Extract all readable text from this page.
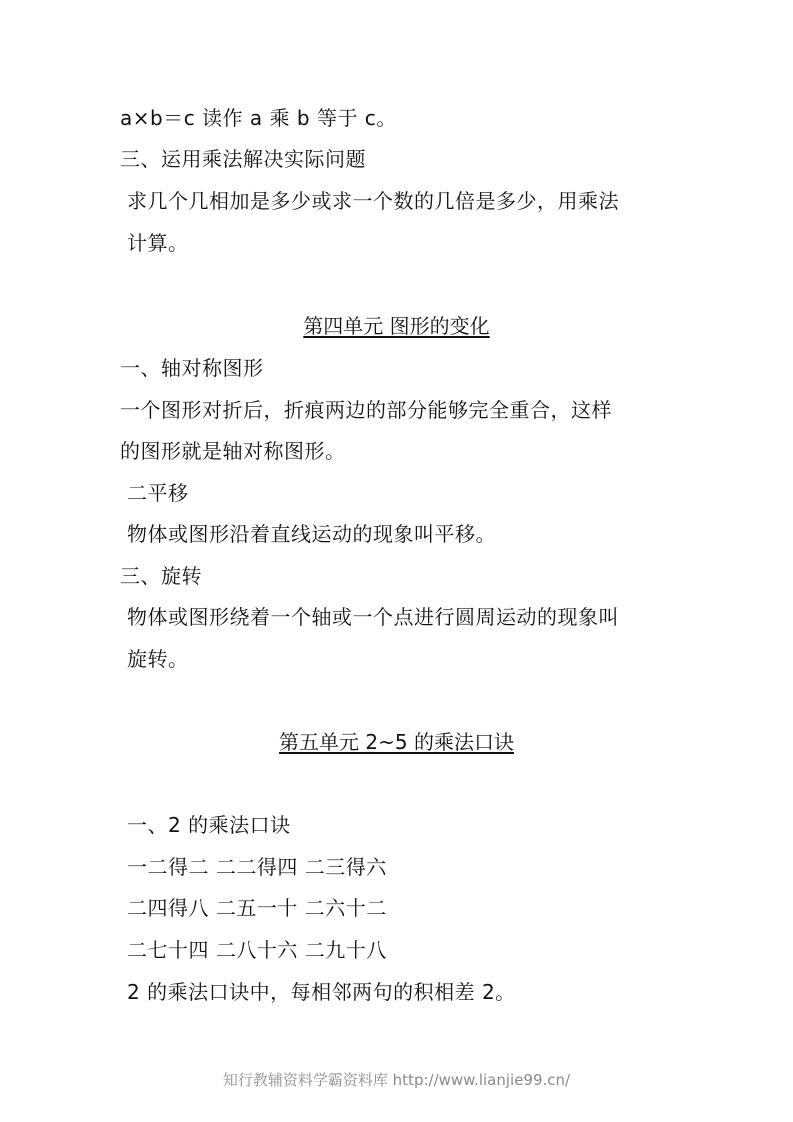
a×b＝c 读作 a 乘 b 等于 c。
三、运用乘法解决实际问题
求几个几相加是多少或求一个数的几倍是多少，用乘法
计算。
第四单元 图形的变化
一、轴对称图形
一个图形对折后，折痕两边的部分能够完全重合，这样
的图形就是轴对称图形。
二平移
物体或图形沿着直线运动的现象叫平移。
三、旋转
物体或图形绕着一个轴或一个点进行圆周运动的现象叫
旋转。
第五单元 2~5 的乘法口诀
一、2 的乘法口诀
一二得二 二二得四 二三得六
二四得八 二五一十 二六十二
二七十四 二八十六 二九十八
2 的乘法口诀中，每相邻两句的积相差 2。
知行教辅资料学霸资料库 http://www.lianjie99.cn/
